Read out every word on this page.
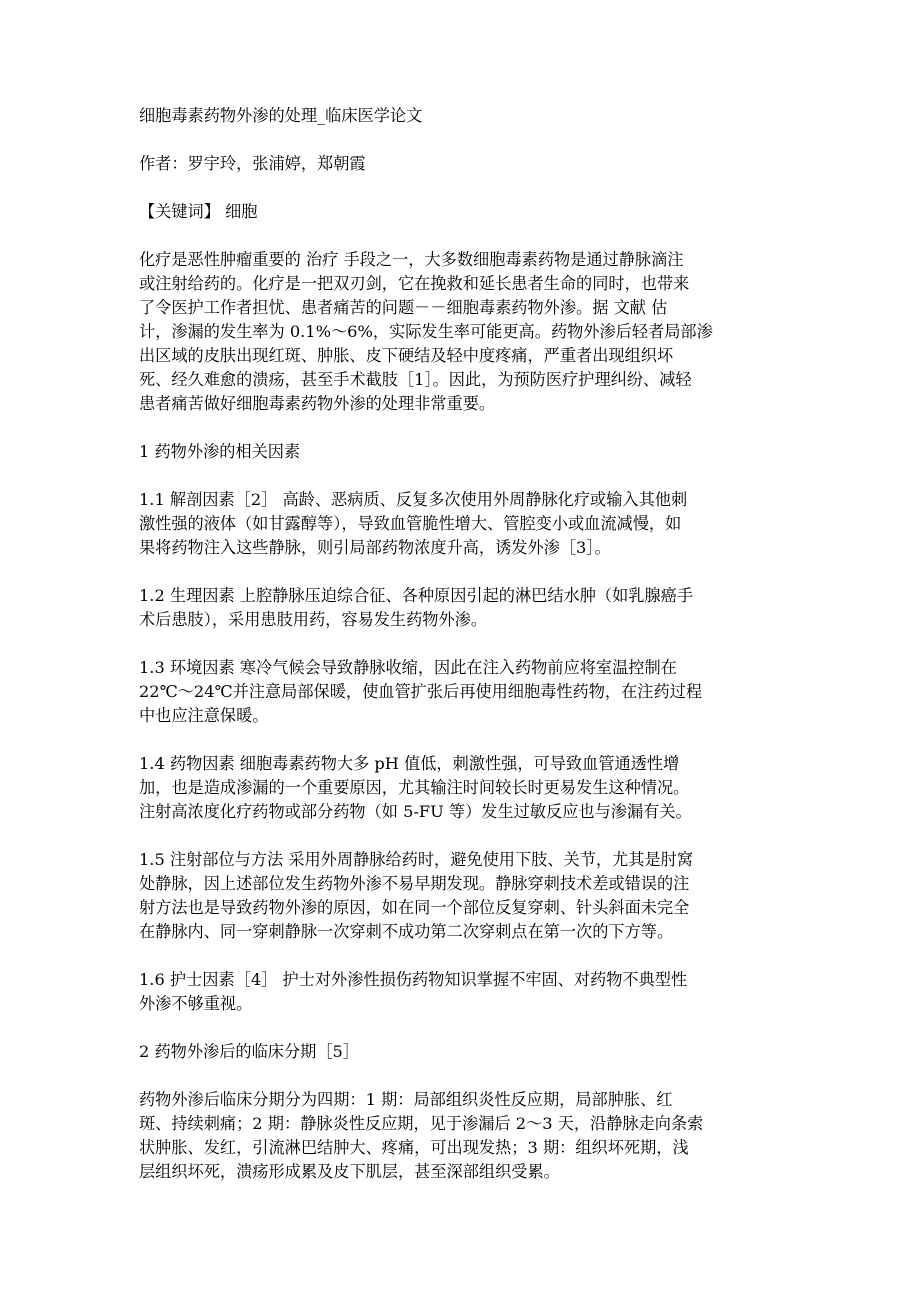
细胞毒素药物外渗的处理_临床医学论文
作者：罗宇玲，张浦婷，郑朝霞
【关键词】 细胞
化疗是恶性肿瘤重要的 治疗 手段之一，大多数细胞毒素药物是通过静脉滴注
或注射给药的。化疗是一把双刃剑，它在挽救和延长患者生命的同时，也带来
了令医护工作者担忧、患者痛苦的问题－－细胞毒素药物外渗。据 文献 估
计，渗漏的发生率为 0.1%～6%，实际发生率可能更高。药物外渗后轻者局部渗
出区域的皮肤出现红斑、肿胀、皮下硬结及轻中度疼痛，严重者出现组织坏
死、经久难愈的溃疡，甚至手术截肢［1］。因此，为预防医疗护理纠纷、减轻
患者痛苦做好细胞毒素药物外渗的处理非常重要。
1 药物外渗的相关因素
1.1 解剖因素［2］ 高龄、恶病质、反复多次使用外周静脉化疗或输入其他刺
激性强的液体（如甘露醇等），导致血管脆性增大、管腔变小或血流减慢，如
果将药物注入这些静脉，则引局部药物浓度升高，诱发外渗［3］。
1.2 生理因素 上腔静脉压迫综合征、各种原因引起的淋巴结水肿（如乳腺癌手
术后患肢），采用患肢用药，容易发生药物外渗。
1.3 环境因素 寒冷气候会导致静脉收缩，因此在注入药物前应将室温控制在
22℃～24℃并注意局部保暖，使血管扩张后再使用细胞毒性药物，在注药过程
中也应注意保暖。
1.4 药物因素 细胞毒素药物大多 pH 值低，刺激性强，可导致血管通透性增
加，也是造成渗漏的一个重要原因，尤其输注时间较长时更易发生这种情况。
注射高浓度化疗药物或部分药物（如 5-FU 等）发生过敏反应也与渗漏有关。
1.5 注射部位与方法 采用外周静脉给药时，避免使用下肢、关节，尤其是肘窝
处静脉，因上述部位发生药物外渗不易早期发现。静脉穿刺技术差或错误的注
射方法也是导致药物外渗的原因，如在同一个部位反复穿刺、针头斜面未完全
在静脉内、同一穿刺静脉一次穿刺不成功第二次穿刺点在第一次的下方等。
1.6 护士因素［4］ 护士对外渗性损伤药物知识掌握不牢固、对药物不典型性
外渗不够重视。
2 药物外渗后的临床分期［5］
药物外渗后临床分期分为四期：1 期：局部组织炎性反应期，局部肿胀、红
斑、持续刺痛；2 期：静脉炎性反应期，见于渗漏后 2～3 天，沿静脉走向条索
状肿胀、发红，引流淋巴结肿大、疼痛，可出现发热；3 期：组织坏死期，浅
层组织坏死，溃疡形成累及皮下肌层，甚至深部组织受累。
